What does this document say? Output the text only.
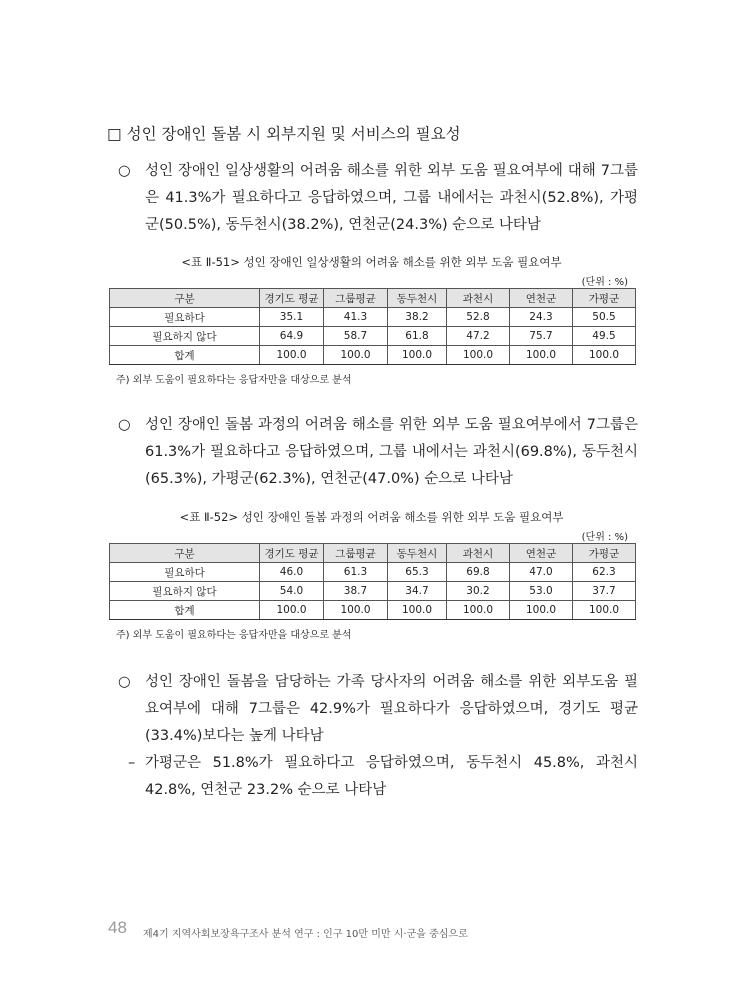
□ 성인 장애인 돌봄 시 외부지원 및 서비스의 필요성
○ 성인 장애인 일상생활의 어려움 해소를 위한 외부 도움 필요여부에 대해 7그룹은 41.3%가 필요하다고 응답하였으며, 그룹 내에서는 과천시(52.8%), 가평군(50.5%), 동두천시(38.2%), 연천군(24.3%) 순으로 나타남
<표 Ⅱ-51> 성인 장애인 일상생활의 어려움 해소를 위한 외부 도움 필요여부
(단위 : %)
구분	경기도 평균	그룹평균	동두천시	과천시	연천군	가평군
필요하다	35.1	41.3	38.2	52.8	24.3	50.5
필요하지 않다	64.9	58.7	61.8	47.2	75.7	49.5
합계	100.0	100.0	100.0	100.0	100.0	100.0
주) 외부 도움이 필요하다는 응답자만을 대상으로 분석
○ 성인 장애인 돌봄 과정의 어려움 해소를 위한 외부 도움 필요여부에서 7그룹은 61.3%가 필요하다고 응답하였으며, 그룹 내에서는 과천시(69.8%), 동두천시(65.3%), 가평군(62.3%), 연천군(47.0%) 순으로 나타남
<표 Ⅱ-52> 성인 장애인 돌봄 과정의 어려움 해소를 위한 외부 도움 필요여부
(단위 : %)
구분	경기도 평균	그룹평균	동두천시	과천시	연천군	가평군
필요하다	46.0	61.3	65.3	69.8	47.0	62.3
필요하지 않다	54.0	38.7	34.7	30.2	53.0	37.7
합계	100.0	100.0	100.0	100.0	100.0	100.0
주) 외부 도움이 필요하다는 응답자만을 대상으로 분석
○ 성인 장애인 돌봄을 담당하는 가족 당사자의 어려움 해소를 위한 외부도움 필요여부에 대해 7그룹은 42.9%가 필요하다가 응답하였으며, 경기도 평균(33.4%)보다는 높게 나타남
– 가평군은 51.8%가 필요하다고 응답하였으며, 동두천시 45.8%, 과천시 42.8%, 연천군 23.2% 순으로 나타남
48 제4기 지역사회보장욕구조사 분석 연구 : 인구 10만 미만 시·군을 중심으로
